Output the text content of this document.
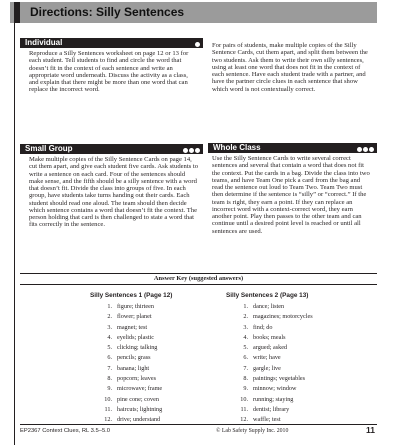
Directions: Silly Sentences
Individual
Reproduce a Silly Sentences worksheet on page 12 or 13 for each student. Tell students to find and circle the word that doesn’t fit in the context of each sentence and write an appropriate word underneath. Discuss the activity as a class, and explain that there might be more than one word that can replace the incorrect word.
Small Group
Make multiple copies of the Silly Sentence Cards on page 14, cut them apart, and give each student five cards. Ask students to write a sentence on each card. Four of the sentences should make sense, and the fifth should be a silly sentence with a word that doesn’t fit. Divide the class into groups of five. In each group, have students take turns handing out their cards. Each student should read one aloud. The team should then decide which sentence contains a word that doesn’t fit the context. The person holding that card is then challenged to state a word that fits correctly in the sentence.
For pairs of students, make multiple copies of the Silly Sentence Cards, cut them apart, and split them between the two students. Ask them to write their own silly sentences, using at least one word that does not fit in the context of each sentence. Have each student trade with a partner, and have the partner circle clues in each sentence that show which word is not contextually correct.
Whole Class
Use the Silly Sentence Cards to write several correct sentences and several that contain a word that does not fit the context. Put the cards in a bag. Divide the class into two teams, and have Team One pick a card from the bag and read the sentence out loud to Team Two. Team Two must then determine if the sentence is “silly” or “correct.” If the team is right, they earn a point. If they can replace an incorrect word with a context-correct word, they earn another point. Play then passes to the other team and can continue until a desired point level is reached or until all sentences are used.
Answer Key (suggested answers)
Silly Sentences 1 (Page 12)
1. figure; thirteen
2. flower; planet
3. magnet; test
4. eyelids; plastic
5. clicking; talking
6. pencils; grass
7. banana; light
8. popcorn; leaves
9. microwave; frame
10. pine cone; coven
11. haircuts; lightning
12. drive; understand
Silly Sentences 2 (Page 13)
1. dance; listen
2. magazines; motorcycles
3. find; do
4. books; meals
5. argued; asked
6. write; have
7. gargle; live
8. paintings; vegetables
9. minnow; window
10. running; staying
11. dentist; library
12. waffle; test
EP2367 Context Clues, RL 3.5–5.0	© Lab Safety Supply Inc. 2010	11
